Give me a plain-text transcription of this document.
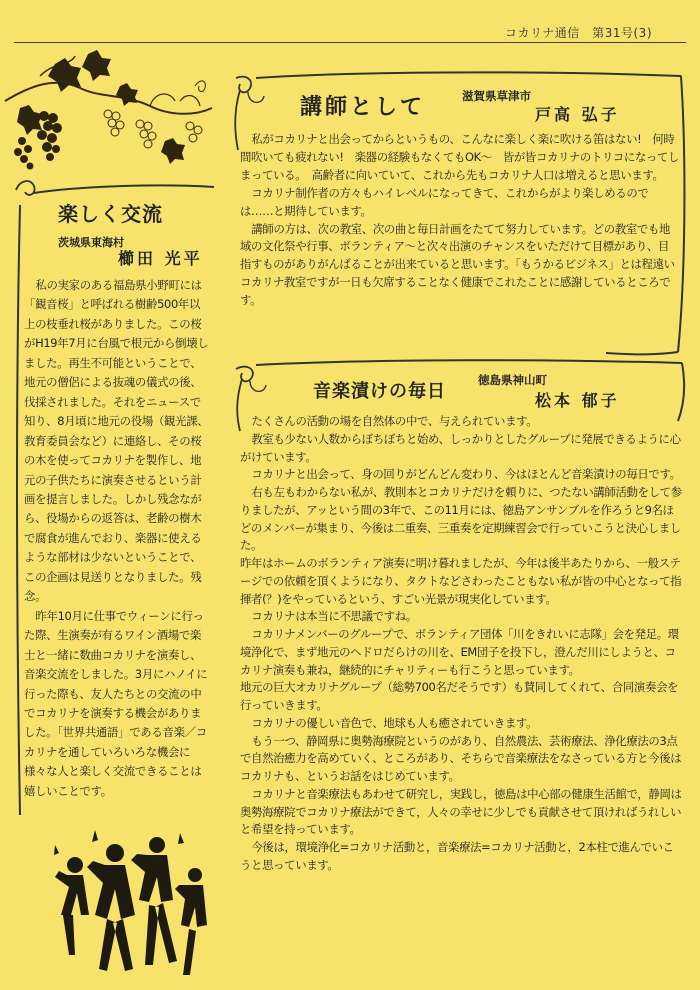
コカリナ通信　第31号(3)
楽しく交流
茨城県東海村
櫛田 光平

私の実家のある福島県小野町には「観音桜」と呼ばれる樹齢500年以上の枝垂れ桜がありました。この桜がH19年7月に台風で根元から倒壊しました。再生不可能ということで、地元の僧侶による抜魂の儀式の後、伐採されました。それをニュースで知り、8月頃に地元の役場（観光課、教育委員会など）に連絡し、その桜の木を使ってコカリナを製作し、地元の子供たちに演奏させるという計画を提言しました。しかし残念ながら、役場からの返答は、老齢の樹木で腐食が進んでおり、楽器に使えるような部材は少ないということで、この企画は見送りとなりました。残念。

昨年10月に仕事でウィーンに行った際、生演奏が有るワイン酒場で楽士と一緒に数曲コカリナを演奏し、音楽交流をしました。3月にハノイに行った際も、友人たちとの交流の中でコカリナを演奏する機会がありました。「世界共通語」である音楽／コカリナを通していろいろな機会に様々な人と楽しく交流できることは嬉しいことです。

講師として	滋賀県草津市
戸高 弘子

私がコカリナと出会ってからというもの、こんなに楽しく楽に吹ける笛はない!　何時間吹いても疲れない!　楽器の経験もなくてもOK～　皆が皆コカリナのトリコになってしまっている。　高齢者に向いていて、これから先もコカリナ人口は増えると思います。

コカリナ制作者の方々もハイレベルになってきて、これからがより楽しめるのでは……と期待しています。

講師の方は、次の教室、次の曲と毎日計画をたてて努力しています。どの教室でも地域の文化祭や行事、ボランティア～と次々出演のチャンスをいただけて目標があり、目指すものがありがんばることが出来ていると思います。「もうかるビジネス」とは程遠いコカリナ教室ですが一日も欠席することなく健康でこれたことに感謝しているところです。

音楽漬けの毎日
徳島県神山町
松本 郁子

たくさんの活動の場を自然体の中で、与えられています。

教室も少ない人数からぼちぼちと始め、しっかりとしたグループに発展できるように心がけています。

コカリナと出会って、身の回りがどんどん変わり、今はほとんど音楽漬けの毎日です。

右も左もわからない私が、教則本とコカリナだけを頼りに、つたない講師活動をして参りましたが、アッという間の3年で、この11月には、徳島アンサンブルを作ろうと9名ほどのメンバーが集まり、今後は二重奏、三重奏を定期練習会で行っていこうと決心しました。

昨年はホームのボランティア演奏に明け暮れましたが、今年は後半あたりから、一般ステージでの依頼を頂くようになり、タクトなどさわったこともない私が皆の中心となって指揮者(？)をやっているという、すごい光景が現実化しています。

コカリナは本当に不思議ですね。

コカリナメンバーのグループで、ボランティア団体「川をきれいに志隊」会を発足。環境浄化で、まず地元のヘドロだらけの川を、EM団子を投下し，澄んだ川にしようと、コカリナ演奏も兼ね，継続的にチャリティーも行こうと思っています。

地元の巨大オカリナグループ（総勢700名だそうです）も賛同してくれて、合同演奏会を行っていきます。

コカリナの優しい音色で、地球も人も癒されていきます。

もう一つ、静岡県に奥勢海療院というのがあり、自然農法、芸術療法、浄化療法の3点で自然治癒力を高めていく、ところがあり、そちらで音楽療法をなさっている方と今後はコカリナも、というお話をはじめています。

コカリナと音楽療法もあわせて研究し，実践し，徳島は中心部の健康生活館で，静岡は奥勢海療院でコカリナ療法ができて，人々の幸せに少しでも貢献させて頂ければうれしいと希望を持っています。

今後は，環境浄化=コカリナ活動と，音楽療法=コカリナ活動と，2本柱で進んでいこうと思っています。
